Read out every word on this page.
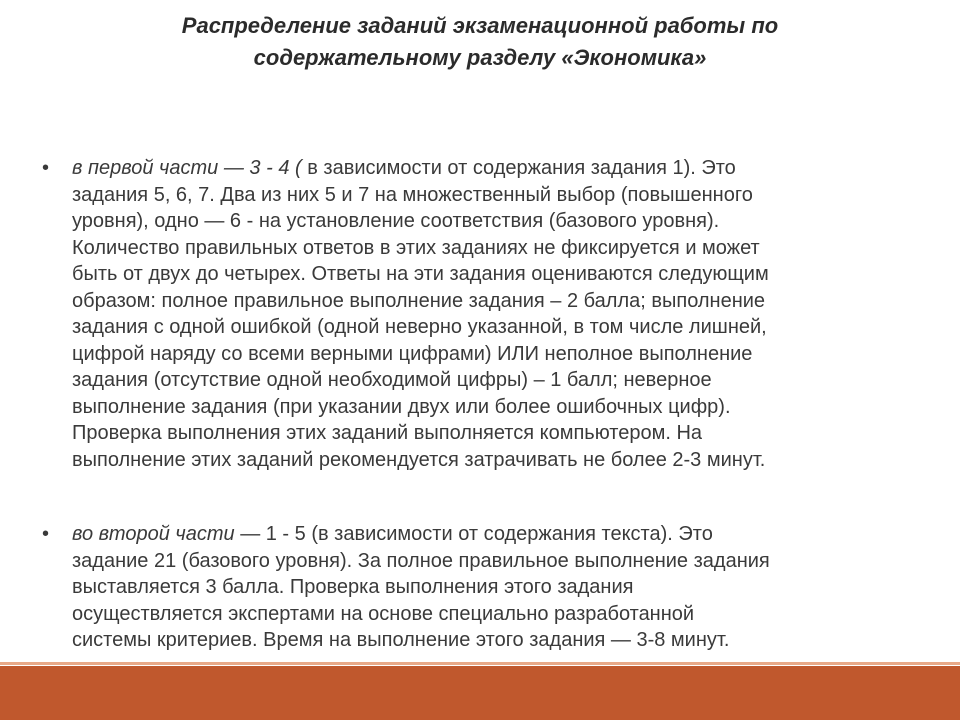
Распределение заданий экзаменационной работы по
содержательному разделу «Экономика»
•	в первой части — 3 - 4 ( в зависимости от содержания задания 1). Это

задания 5, 6, 7. Два из них 5 и 7 на множественный выбор (повышенного

уровня), одно — 6 - на установление соответствия (базового уровня).

Количество правильных ответов в этих заданиях не фиксируется и может

быть от двух до четырех. Ответы на эти задания оцениваются следующим

образом: полное правильное выполнение задания – 2 балла; выполнение

задания с одной ошибкой (одной неверно указанной, в том числе лишней,

цифрой наряду со всеми верными цифрами) ИЛИ неполное выполнение

задания (отсутствие одной необходимой цифры) – 1 балл; неверное

выполнение задания (при указании двух или более ошибочных цифр).

Проверка выполнения этих заданий выполняется компьютером. На

выполнение этих заданий рекомендуется затрачивать не более 2-3 минут.

•	во второй части — 1 - 5 (в зависимости от содержания текста). Это

задание 21 (базового уровня). За полное правильное выполнение задания

выставляется 3 балла. Проверка выполнения этого задания

осуществляется экспертами на основе специально разработанной

системы критериев. Время на выполнение этого задания — 3-8 минут.
